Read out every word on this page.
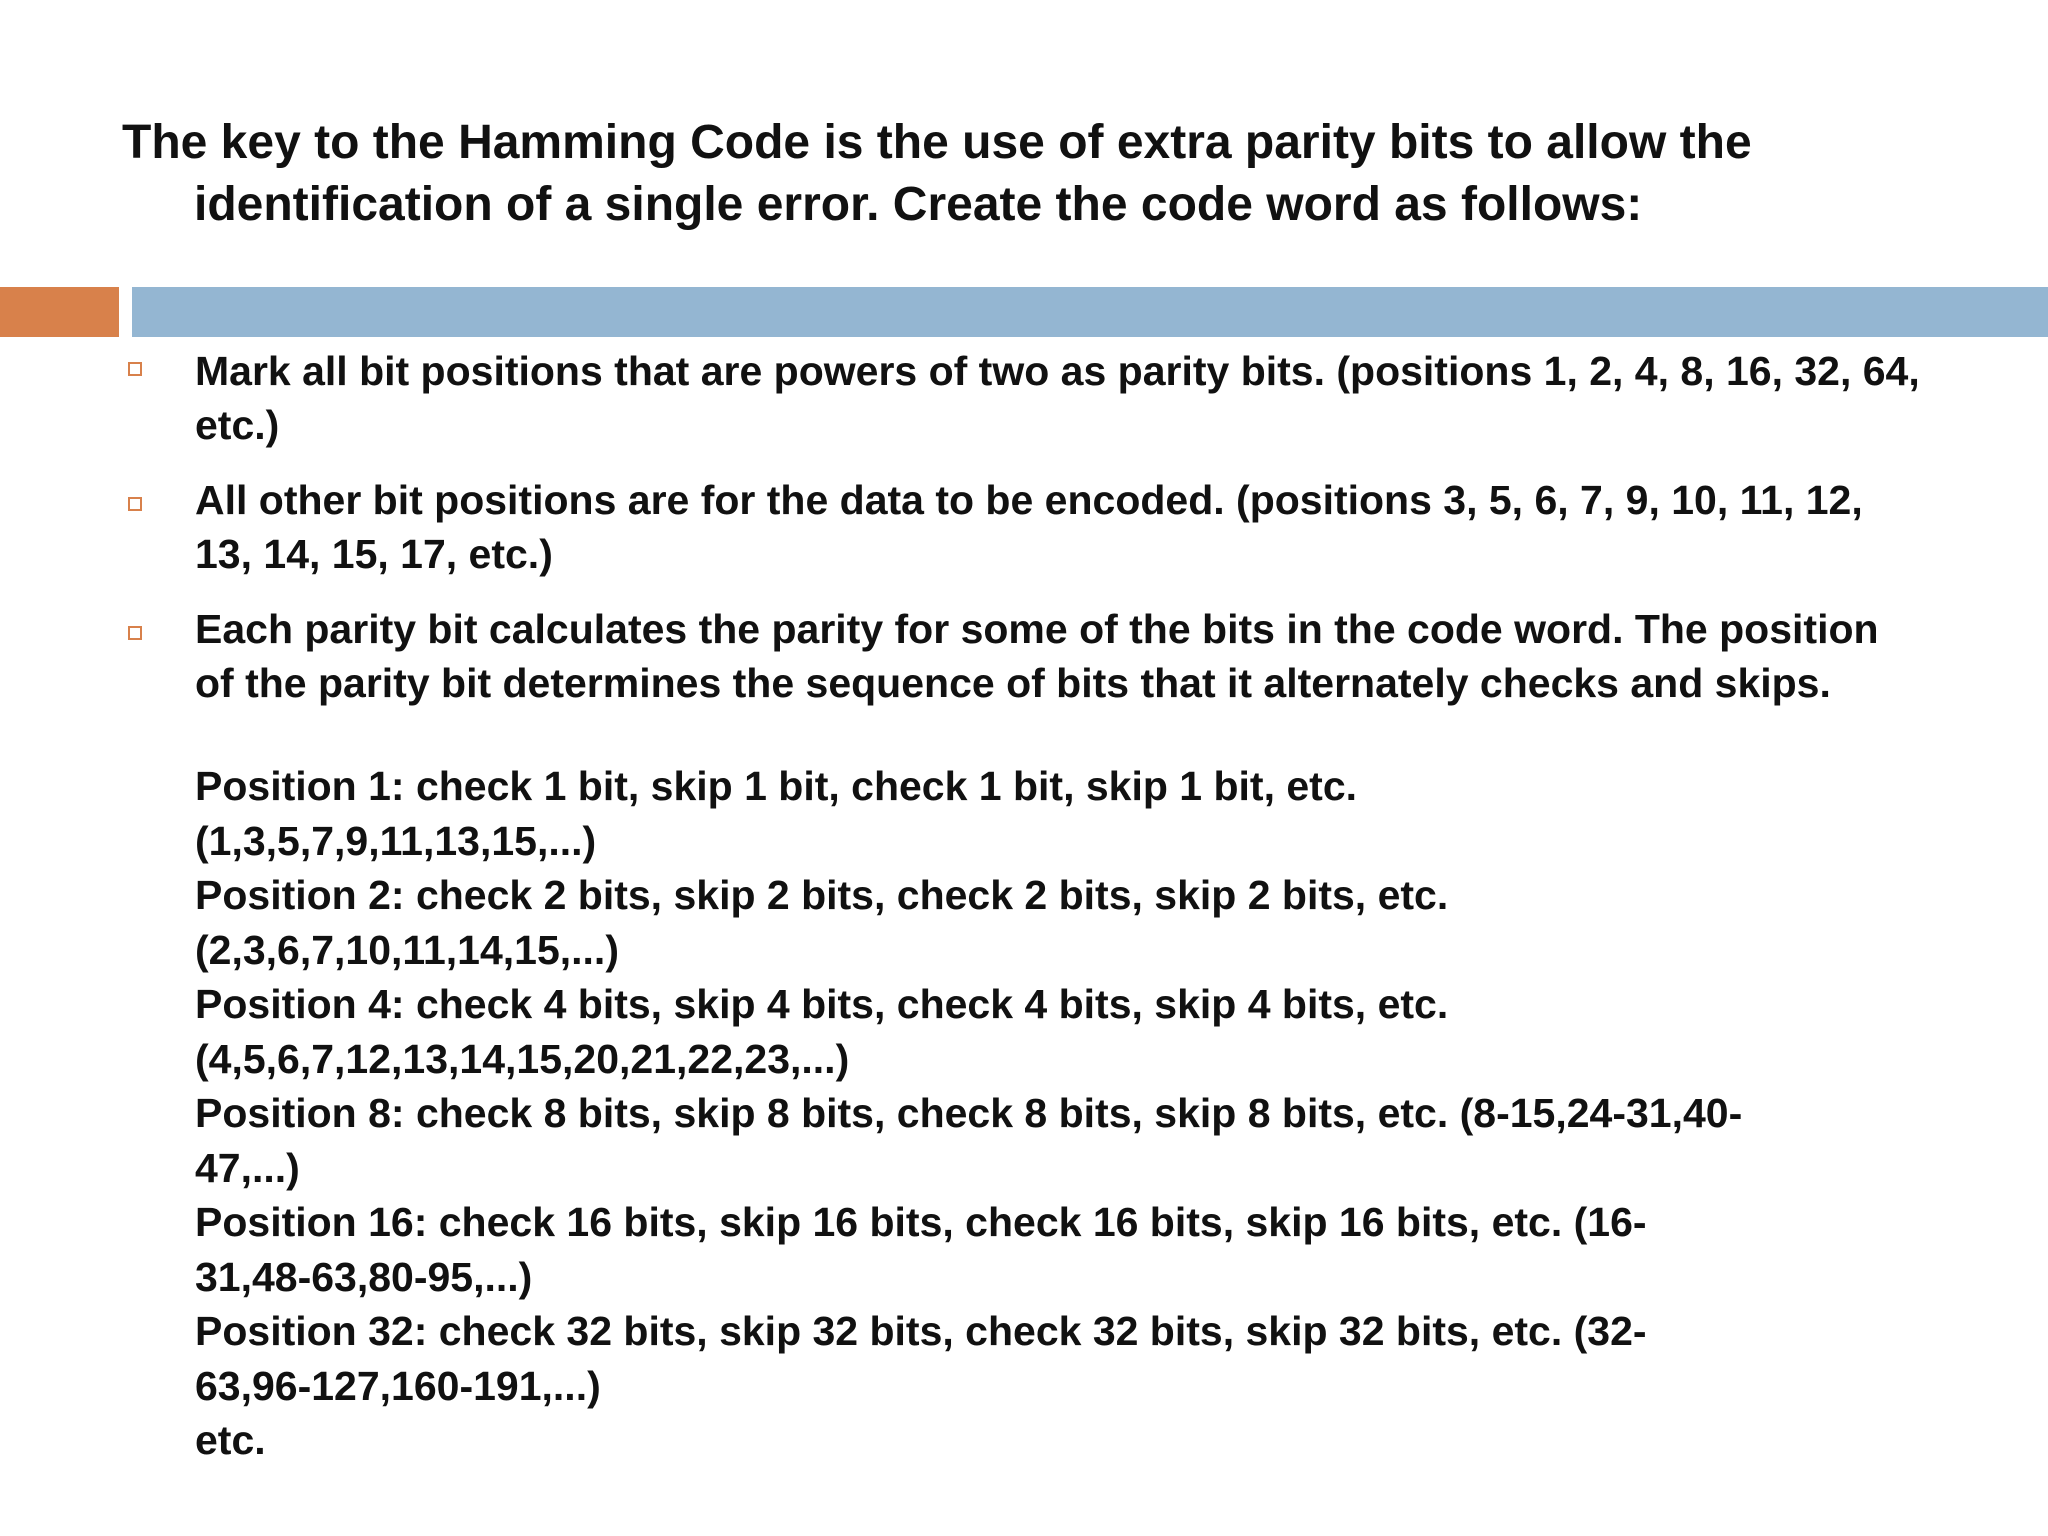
The key to the Hamming Code is the use of extra parity bits to allow the identification of a single error. Create the code word as follows:
Mark all bit positions that are powers of two as parity bits. (positions 1, 2, 4, 8, 16, 32, 64, etc.)
All other bit positions are for the data to be encoded. (positions 3, 5, 6, 7, 9, 10, 11, 12, 13, 14, 15, 17, etc.)
Each parity bit calculates the parity for some of the bits in the code word. The position of the parity bit determines the sequence of bits that it alternately checks and skips.
Position 1: check 1 bit, skip 1 bit, check 1 bit, skip 1 bit, etc.
(1,3,5,7,9,11,13,15,...)
Position 2: check 2 bits, skip 2 bits, check 2 bits, skip 2 bits, etc.
(2,3,6,7,10,11,14,15,...)
Position 4: check 4 bits, skip 4 bits, check 4 bits, skip 4 bits, etc.
(4,5,6,7,12,13,14,15,20,21,22,23,...)
Position 8: check 8 bits, skip 8 bits, check 8 bits, skip 8 bits, etc. (8-15,24-31,40-
47,...)
Position 16: check 16 bits, skip 16 bits, check 16 bits, skip 16 bits, etc. (16-
31,48-63,80-95,...)
Position 32: check 32 bits, skip 32 bits, check 32 bits, skip 32 bits, etc. (32-
63,96-127,160-191,...)
etc.
